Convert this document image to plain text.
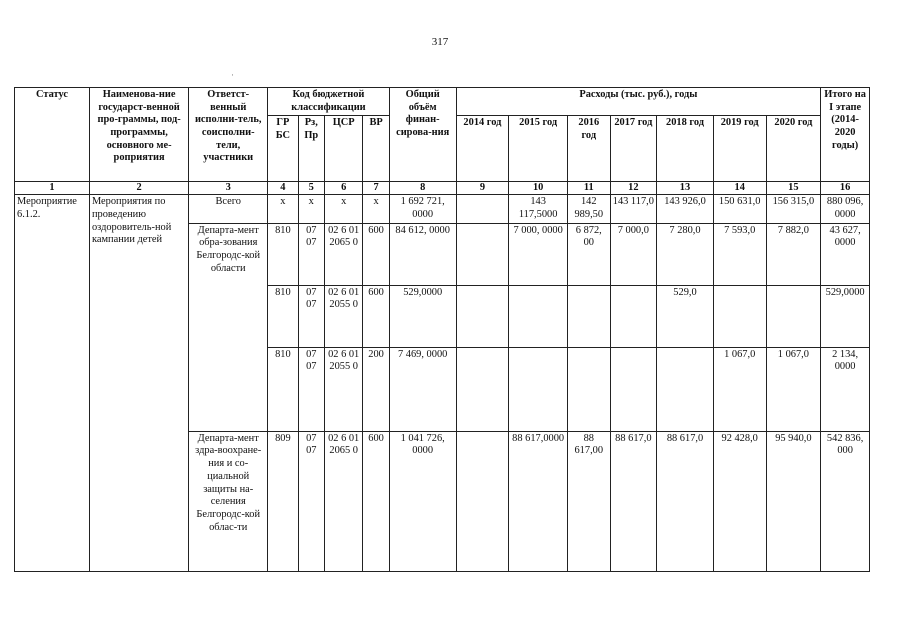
317
Статус	Наименова-ние государст-венной про-граммы, под-программы, основного ме-роприятия	Ответст-венный исполни-тель, соисполни-тели, участники	Код бюджетной классификации				Общий объём финан-сирова-ния	Расходы (тыс. руб.), годы							Итого на I этапе (2014-2020 годы)
			ГР БС	Рз, Пр	ЦСР	ВР		2014 год	2015 год	2016 год	2017 год	2018 год	2019 год	2020 год	
1	2	3	4	5	6	7	8	9	10	11	12	13	14	15	16
Мероприятие 6.1.2.	Мероприятия по проведению оздоровитель-ной кампании детей	Всего	х	х	х	х	1 692 721, 0000		143 117,5000	142 989,50	143 117,0	143 926,0	150 631,0	156 315,0	880 096, 0000
		Департа-мент обра-зования Белгородс-кой области	810	07 07	02 6 01 2065 0	600	84 612, 0000		7 000, 0000	6 872, 00	7 000,0	7 280,0	7 593,0	7 882,0	43 627, 0000
			810	07 07	02 6 01 2055 0	600	529,0000					529,0			529,0000
			810	07 07	02 6 01 2055 0	200	7 469, 0000						1 067,0	1 067,0	2 134, 0000
		Департа-мент здра-воохране-ния и со-циальной защиты на-селения Белгородс-кой облас-ти	809	07 07	02 6 01 2065 0	600	1 041 726, 0000		88 617,0000	88 617,00	88 617,0	88 617,0	92 428,0	95 940,0	542 836, 000
·
